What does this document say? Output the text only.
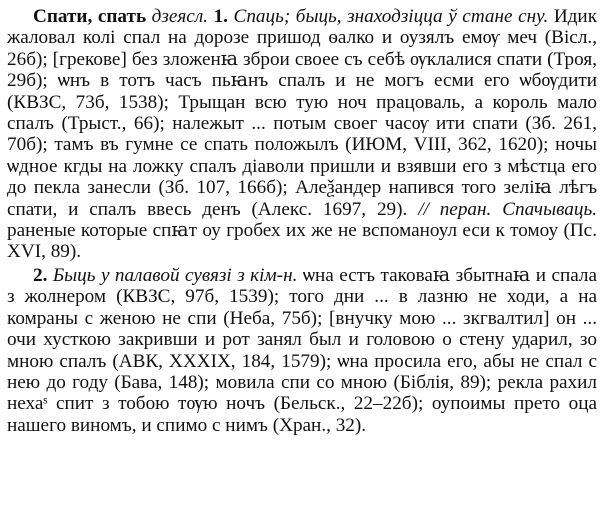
Спати, спать дзеясл. 1. Спаць; быць, знаходзіцца ў стане сну. Идик жаловал колі спал на дорозе пришод ѳалко и оузялъ емѹ меч (Вісл., 26б); [грекове] без зложенꙗ зброи своее съ себѣ ѹклалися спати (Троя, 29б); ѡнъ в тотъ часъ пьꙗнъ спалъ и не могъ есми его ѡбѹдити (КВЗС, 73б, 1538); Трыщан всю тую ноч працоваль, а король мало спалъ (Трыст., 66); належыт ... потым своег часѹ ити спати (Зб. 261, 70б); тамъ въ гумне се спать положылъ (ИЮМ, VIII, 362, 1620); ночы ѡдное кгды на ложку спалъ діаволи пришли и взявши его з мѣстца его до пекла занесли (Зб. 107, 166б); Алеѯандер напився того зеліꙗ лѣгъ спати, и спалъ ввесь денъ (Алекс. 1697, 29). // перан. Спачываць. раненые которые спꙗт оу гробех их же не вспоманоул еси к томоу (Пс. XVI, 89).

2. Быць у палавой сувязі з кім-н. ѡна естъ таковаꙗ збытнаꙗ и спала з жолнером (КВЗС, 97б, 1539); того дни ... в лазню не ходи, а на комраны с женою не спи (Неба, 75б); [внучку мою ... зкгвалтил] он ... очи хусткою закривши и рот занял был и головою о стену ударил, зо мною спалъ (АВК, XXXIX, 184, 1579); ѡна просила его, абы не спал с нею до году (Бава, 148); мовила спи со мною (Біблія, 89); рекла рахил нехаˢ спит з тобою тѹю ночъ (Бельск., 22–22б); оупоимы прето оца нашего виномъ, и спимо с нимъ (Хран., 32).
